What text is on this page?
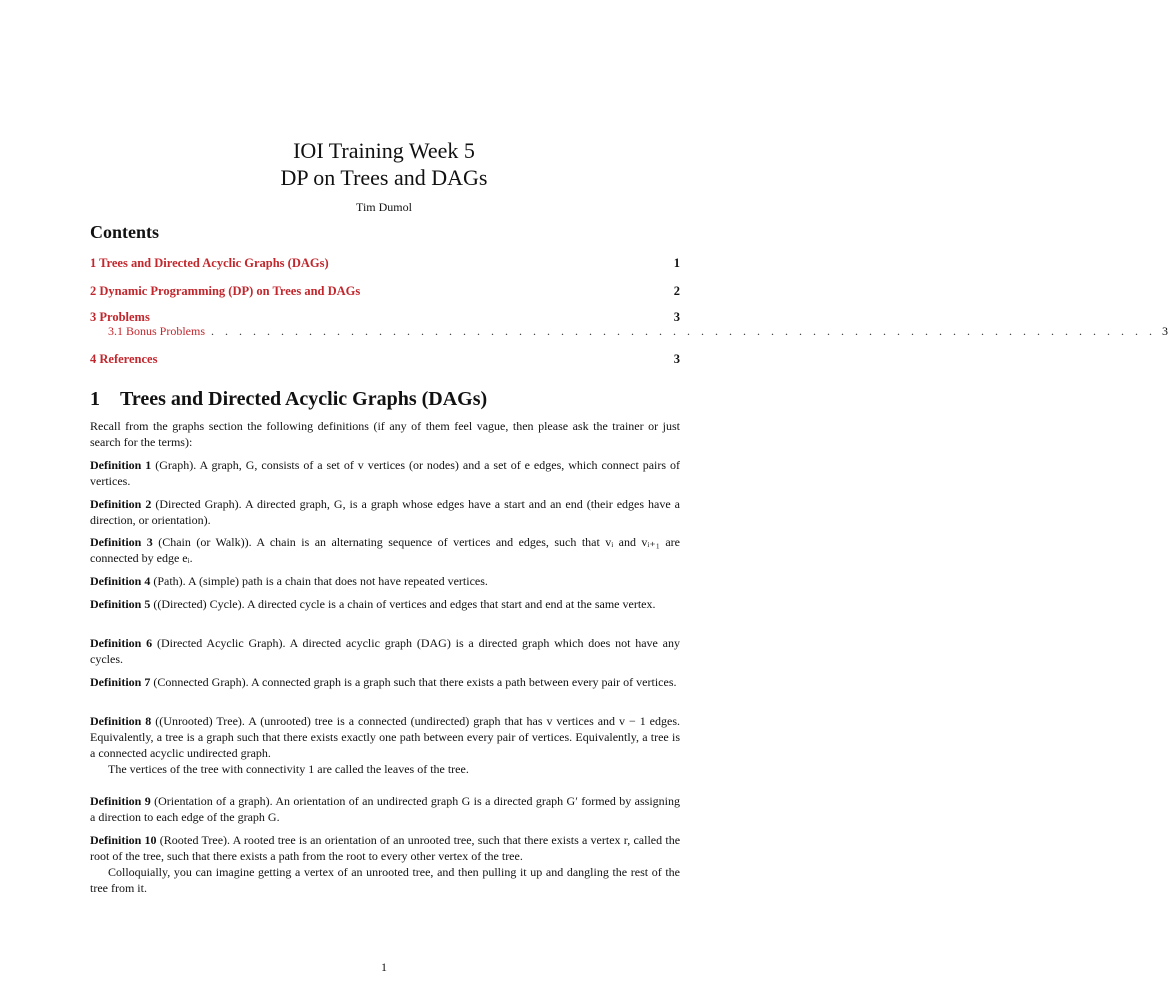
IOI Training Week 5
DP on Trees and DAGs
Tim Dumol
Contents
1 Trees and Directed Acyclic Graphs (DAGs)	1
2 Dynamic Programming (DP) on Trees and DAGs	2
3 Problems	3
3.1 Bonus Problems . . . . . . . . . . . . . . . . . . . . . . . . . . . . . . . . . . . . . . . . . . . . . . . . . . . . . . . . . . . . . . . . . . . . 3
4 References	3
1 Trees and Directed Acyclic Graphs (DAGs)
Recall from the graphs section the following definitions (if any of them feel vague, then please ask the trainer or just search for the terms):
Definition 1 (Graph). A graph, G, consists of a set of v vertices (or nodes) and a set of e edges, which connect pairs of vertices.
Definition 2 (Directed Graph). A directed graph, G, is a graph whose edges have a start and an end (their edges have a direction, or orientation).
Definition 3 (Chain (or Walk)). A chain is an alternating sequence of vertices and edges, such that vᵢ and vᵢ₊₁ are connected by edge eᵢ.
Definition 4 (Path). A (simple) path is a chain that does not have repeated vertices.
Definition 5 ((Directed) Cycle). A directed cycle is a chain of vertices and edges that start and end at the same vertex.
Definition 6 (Directed Acyclic Graph). A directed acyclic graph (DAG) is a directed graph which does not have any cycles.
Definition 7 (Connected Graph). A connected graph is a graph such that there exists a path between every pair of vertices.
Definition 8 ((Unrooted) Tree). A (unrooted) tree is a connected (undirected) graph that has v vertices and v − 1 edges. Equivalently, a tree is a graph such that there exists exactly one path between every pair of vertices. Equivalently, a tree is a connected acyclic undirected graph.
The vertices of the tree with connectivity 1 are called the leaves of the tree.
Definition 9 (Orientation of a graph). An orientation of an undirected graph G is a directed graph G′ formed by assigning a direction to each edge of the graph G.
Definition 10 (Rooted Tree). A rooted tree is an orientation of an unrooted tree, such that there exists a vertex r, called the root of the tree, such that there exists a path from the root to every other vertex of the tree.
Colloquially, you can imagine getting a vertex of an unrooted tree, and then pulling it up and dangling the rest of the tree from it.
1
